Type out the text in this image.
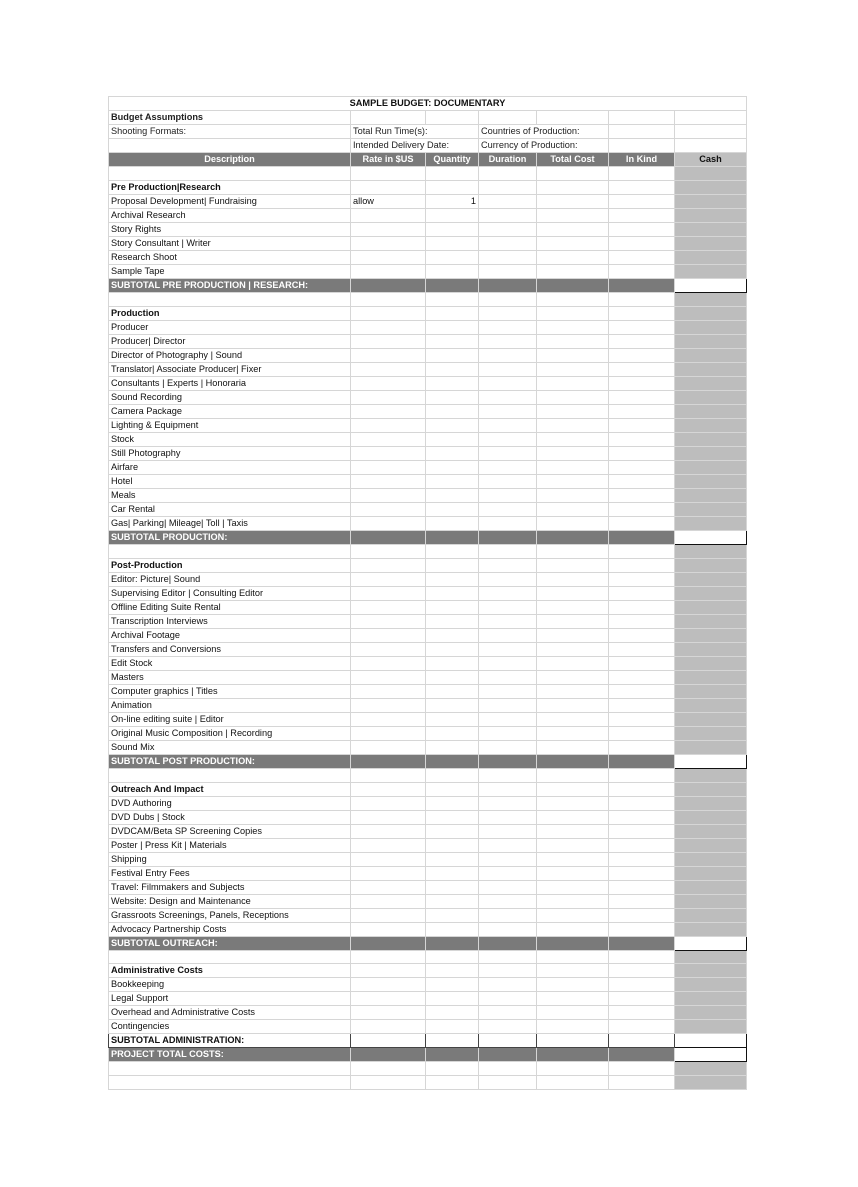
SAMPLE BUDGET: DOCUMENTARY						
Budget Assumptions						
Shooting Formats:	Total Run Time(s):		Countries of Production:			
	Intended Delivery Date:		Currency of Production:			
Description	Rate in $US	Quantity	Duration	Total Cost	In Kind	Cash

Pre Production|Research						
Proposal Development| Fundraising	allow	1				
Archival Research						
Story Rights						
Story Consultant | Writer						
Research Shoot						
Sample Tape						
SUBTOTAL PRE PRODUCTION | RESEARCH:						

Production						
Producer						
Producer| Director						
Director of Photography | Sound						
Translator| Associate Producer| Fixer						
Consultants | Experts | Honoraria						
Sound Recording						
Camera Package						
Lighting & Equipment						
Stock						
Still Photography						
Airfare						
Hotel						
Meals						
Car Rental						
Gas| Parking| Mileage| Toll | Taxis						
SUBTOTAL PRODUCTION:						

Post-Production						
Editor: Picture| Sound						
Supervising Editor | Consulting Editor						
Offline Editing Suite Rental						
Transcription Interviews						
Archival Footage						
Transfers and Conversions						
Edit Stock						
Masters						
Computer graphics | Titles						
Animation						
On-line editing suite | Editor						
Original Music Composition | Recording						
Sound Mix						
SUBTOTAL POST PRODUCTION:						

Outreach And Impact						
DVD Authoring						
DVD Dubs | Stock						
DVDCAM/Beta SP Screening Copies						
Poster | Press Kit | Materials						
Shipping						
Festival Entry Fees						
Travel: Filmmakers and Subjects						
Website: Design and Maintenance						
Grassroots Screenings, Panels, Receptions						
Advocacy Partnership Costs						
SUBTOTAL OUTREACH:						

Administrative Costs						
Bookkeeping						
Legal Support						
Overhead and Administrative Costs						
Contingencies						
SUBTOTAL ADMINISTRATION:						
PROJECT TOTAL COSTS:						
